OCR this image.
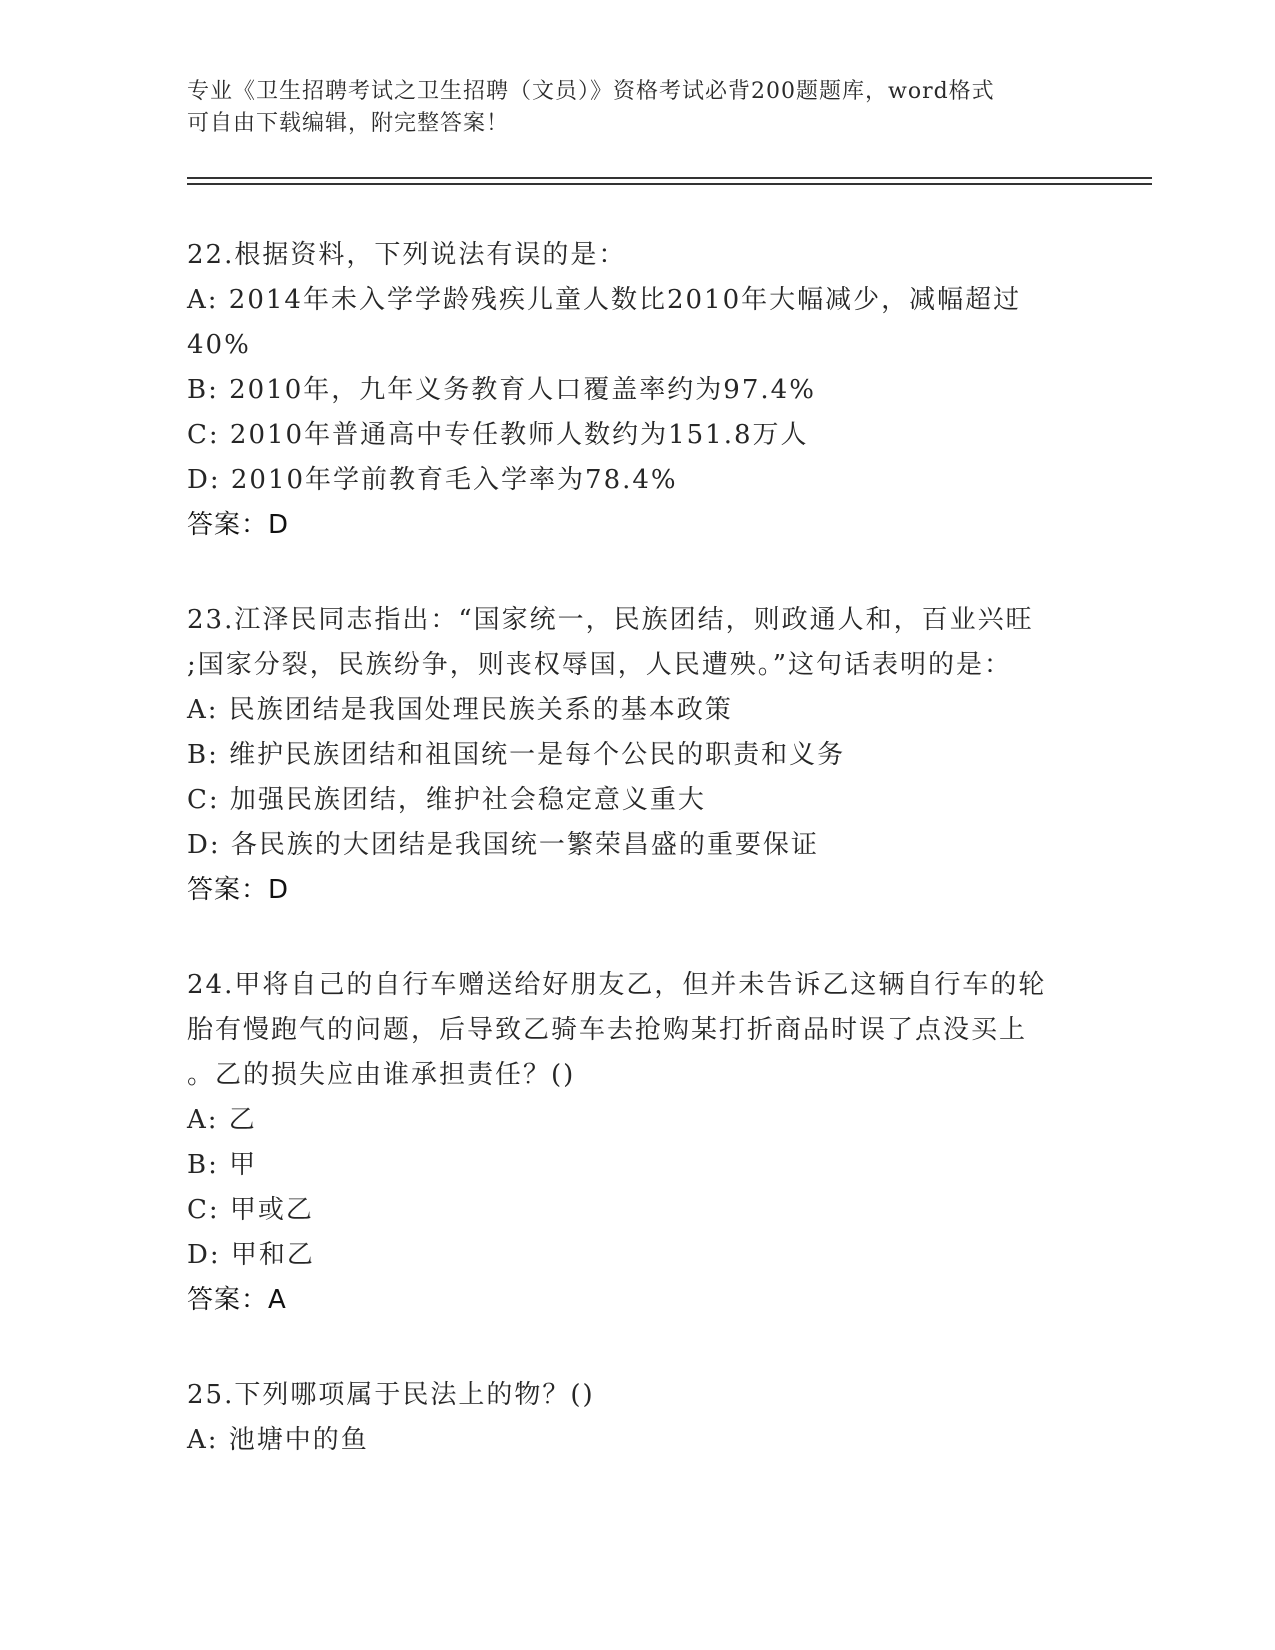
专业《卫生招聘考试之卫生招聘（文员）》资格考试必背200题题库，word格式
可自由下载编辑，附完整答案！
22.根据资料，下列说法有误的是：
A: 2014年未入学学龄残疾儿童人数比2010年大幅减少，减幅超过
40%
B: 2010年，九年义务教育人口覆盖率约为97.4%
C: 2010年普通高中专任教师人数约为151.8万人
D: 2010年学前教育毛入学率为78.4%
答案：D
23.江泽民同志指出：“国家统一，民族团结，则政通人和，百业兴旺
;国家分裂，民族纷争，则丧权辱国，人民遭殃。”这句话表明的是：
A: 民族团结是我国处理民族关系的基本政策
B: 维护民族团结和祖国统一是每个公民的职责和义务
C: 加强民族团结，维护社会稳定意义重大
D: 各民族的大团结是我国统一繁荣昌盛的重要保证
答案：D
24.甲将自己的自行车赠送给好朋友乙，但并未告诉乙这辆自行车的轮
胎有慢跑气的问题，后导致乙骑车去抢购某打折商品时误了点没买上
。乙的损失应由谁承担责任？()
A: 乙
B: 甲
C: 甲或乙
D: 甲和乙
答案：A
25.下列哪项属于民法上的物？()
A: 池塘中的鱼
